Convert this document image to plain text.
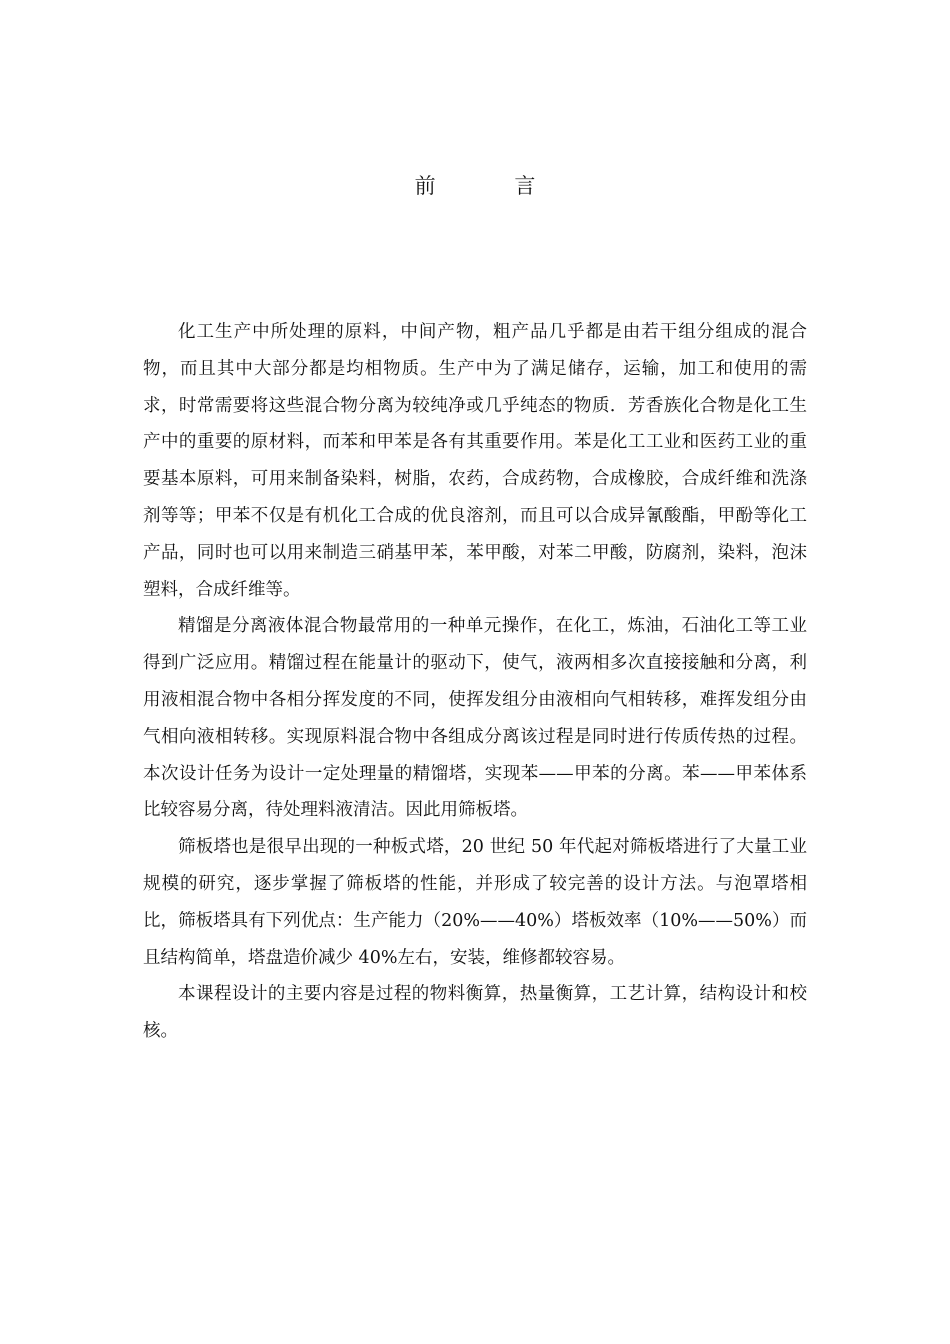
前 言

化工生产中所处理的原料，中间产物，粗产品几乎都是由若干组分组成的混合物，而且其中大部分都是均相物质。生产中为了满足储存，运输，加工和使用的需求，时常需要将这些混合物分离为较纯净或几乎纯态的物质．芳香族化合物是化工生产中的重要的原材料，而苯和甲苯是各有其重要作用。苯是化工工业和医药工业的重要基本原料，可用来制备染料，树脂，农药，合成药物，合成橡胶，合成纤维和洗涤剂等等；甲苯不仅是有机化工合成的优良溶剂，而且可以合成异氰酸酯，甲酚等化工产品，同时也可以用来制造三硝基甲苯，苯甲酸，对苯二甲酸，防腐剂，染料，泡沫塑料，合成纤维等。

精馏是分离液体混合物最常用的一种单元操作，在化工，炼油，石油化工等工业得到广泛应用。精馏过程在能量计的驱动下，使气，液两相多次直接接触和分离，利用液相混合物中各相分挥发度的不同，使挥发组分由液相向气相转移，难挥发组分由气相向液相转移。实现原料混合物中各组成分离该过程是同时进行传质传热的过程。本次设计任务为设计一定处理量的精馏塔，实现苯——甲苯的分离。苯——甲苯体系比较容易分离，待处理料液清洁。因此用筛板塔。

筛板塔也是很早出现的一种板式塔，20 世纪 50 年代起对筛板塔进行了大量工业规模的研究，逐步掌握了筛板塔的性能，并形成了较完善的设计方法。与泡罩塔相比，筛板塔具有下列优点：生产能力（20%——40%）塔板效率（10%——50%）而且结构简单，塔盘造价减少 40%左右，安装，维修都较容易。

本课程设计的主要内容是过程的物料衡算，热量衡算，工艺计算，结构设计和校核。
